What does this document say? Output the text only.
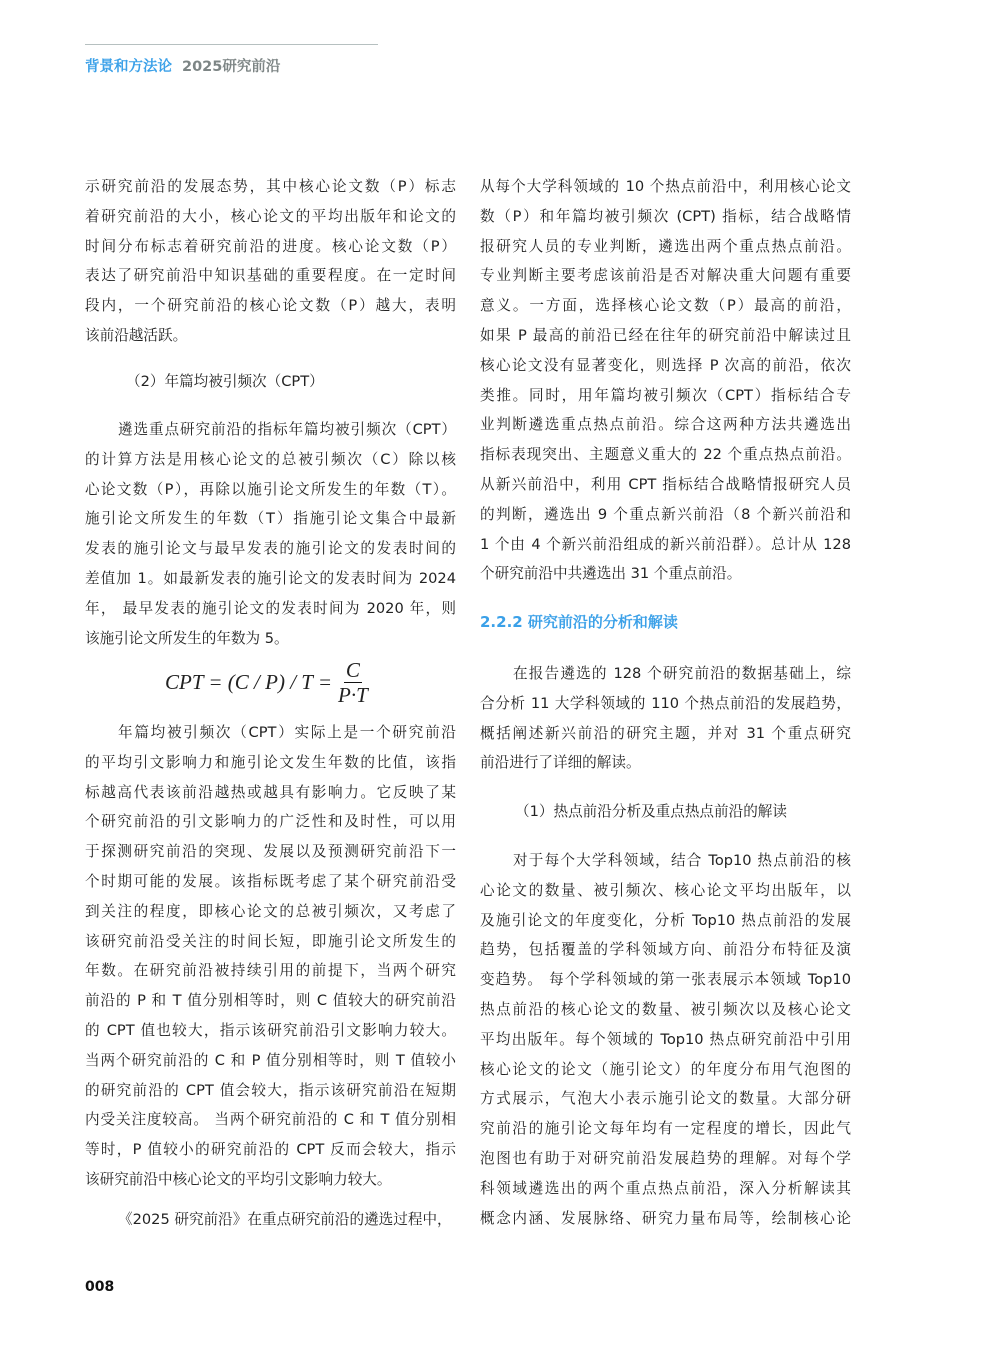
背景和方法论 2025研究前沿
示研究前沿的发展态势，其中核心论文数（P）标志
着研究前沿的大小，核心论文的平均出版年和论文的
时间分布标志着研究前沿的进度。核心论文数（P）
表达了研究前沿中知识基础的重要程度。在一定时间
段内，一个研究前沿的核心论文数（P）越大，表明
该前沿越活跃。
（2）年篇均被引频次（CPT）
遴选重点研究前沿的指标年篇均被引频次（CPT）
的计算方法是用核心论文的总被引频次（C）除以核
心论文数（P），再除以施引论文所发生的年数（T）。
施引论文所发生的年数（T）指施引论文集合中最新
发表的施引论文与最早发表的施引论文的发表时间的
差值加 1。如最新发表的施引论文的发表时间为 2024
年， 最早发表的施引论文的发表时间为 2020 年，则
该施引论文所发生的年数为 5。
CPT = $(C / P) / T = \frac{C}{P\cdot T}$
年篇均被引频次（CPT）实际上是一个研究前沿
的平均引文影响力和施引论文发生年数的比值，该指
标越高代表该前沿越热或越具有影响力。它反映了某
个研究前沿的引文影响力的广泛性和及时性，可以用
于探测研究前沿的突现、发展以及预测研究前沿下一
个时期可能的发展。该指标既考虑了某个研究前沿受
到关注的程度，即核心论文的总被引频次，又考虑了
该研究前沿受关注的时间长短，即施引论文所发生的
年数。在研究前沿被持续引用的前提下，当两个研究
前沿的 P 和 T 值分别相等时，则 C 值较大的研究前沿
的 CPT 值也较大，指示该研究前沿引文影响力较大。
当两个研究前沿的 C 和 P 值分别相等时，则 T 值较小
的研究前沿的 CPT 值会较大，指示该研究前沿在短期
内受关注度较高。 当两个研究前沿的 C 和 T 值分别相
等时，P 值较小的研究前沿的 CPT 反而会较大，指示
该研究前沿中核心论文的平均引文影响力较大。
《2025 研究前沿》在重点研究前沿的遴选过程中，
从每个大学科领域的 10 个热点前沿中，利用核心论文
数（P）和年篇均被引频次 (CPT) 指标，结合战略情
报研究人员的专业判断，遴选出两个重点热点前沿。
专业判断主要考虑该前沿是否对解决重大问题有重要
意义。一方面，选择核心论文数（P）最高的前沿，
如果 P 最高的前沿已经在往年的研究前沿中解读过且
核心论文没有显著变化，则选择 P 次高的前沿，依次
类推。同时，用年篇均被引频次（CPT）指标结合专
业判断遴选重点热点前沿。综合这两种方法共遴选出
指标表现突出、主题意义重大的 22 个重点热点前沿。
从新兴前沿中，利用 CPT 指标结合战略情报研究人员
的判断，遴选出 9 个重点新兴前沿（8 个新兴前沿和
1 个由 4 个新兴前沿组成的新兴前沿群）。总计从 128
个研究前沿中共遴选出 31 个重点前沿。
2.2.2 研究前沿的分析和解读
在报告遴选的 128 个研究前沿的数据基础上，综
合分析 11 大学科领域的 110 个热点前沿的发展趋势，
概括阐述新兴前沿的研究主题，并对 31 个重点研究
前沿进行了详细的解读。
（1）热点前沿分析及重点热点前沿的解读
对于每个大学科领域，结合 Top10 热点前沿的核
心论文的数量、被引频次、核心论文平均出版年，以
及施引论文的年度变化，分析 Top10 热点前沿的发展
趋势，包括覆盖的学科领域方向、前沿分布特征及演
变趋势。 每个学科领域的第一张表展示本领域 Top10
热点前沿的核心论文的数量、被引频次以及核心论文
平均出版年。每个领域的 Top10 热点研究前沿中引用
核心论文的论文（施引论文）的年度分布用气泡图的
方式展示，气泡大小表示施引论文的数量。大部分研
究前沿的施引论文每年均有一定程度的增长，因此气
泡图也有助于对研究前沿发展趋势的理解。对每个学
科领域遴选出的两个重点热点前沿，深入分析解读其
概念内涵、发展脉络、研究力量布局等，绘制核心论
008
